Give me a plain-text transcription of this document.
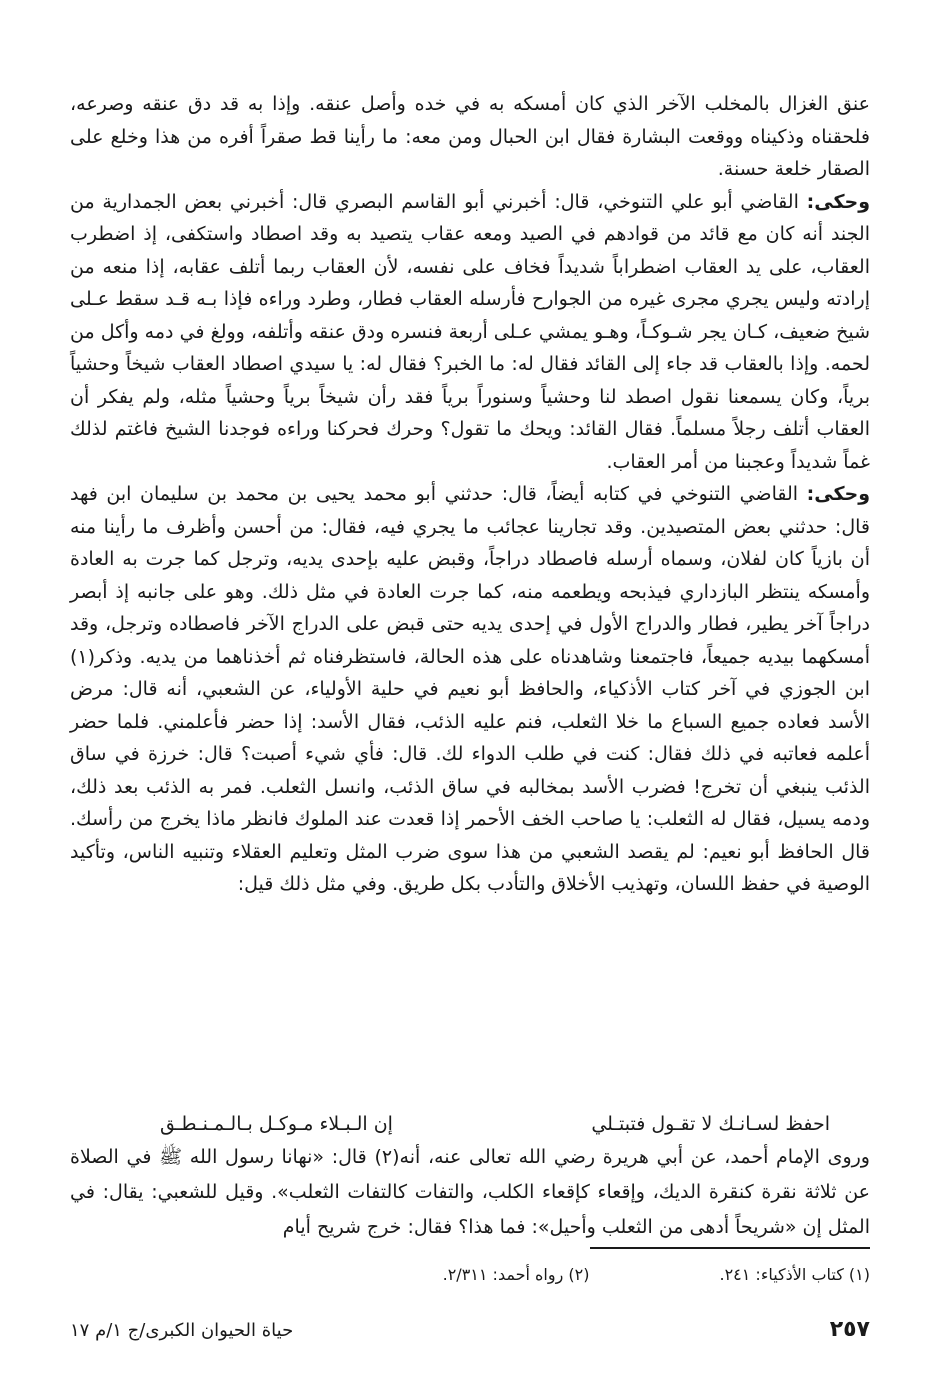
عنق الغزال بالمخلب الآخر الذي كان أمسكه به في خده وأصل عنقه. وإذا به قد دق عنقه وصرعه، فلحقناه وذكيناه ووقعت البشارة فقال ابن الحبال ومن معه: ما رأينا قط صقراً أفره من هذا وخلع على الصقار خلعة حسنة.

وحكى: القاضي أبو علي التنوخي، قال: أخبرني أبو القاسم البصري قال: أخبرني بعض الجمدارية من الجند أنه كان مع قائد من قوادهم في الصيد ومعه عقاب يتصيد به وقد اصطاد واستكفى، إذ اضطرب العقاب، على يد العقاب اضطراباً شديداً فخاف على نفسه، لأن العقاب ربما أتلف عقابه، إذا منعه من إرادته وليس يجري مجرى غيره من الجوارح فأرسله العقاب فطار، وطرد وراءه فإذا بـه قـد سقط عـلى شيخ ضعيف، كـان يجر شـوكـاً، وهـو يمشي عـلى أربعة فنسره ودق عنقه وأتلفه، وولغ في دمه وأكل من لحمه. وإذا بالعقاب قد جاء إلى القائد فقال له: ما الخبر؟ فقال له: يا سيدي اصطاد العقاب شيخاً وحشياً برياً، وكان يسمعنا نقول اصطد لنا وحشياً وسنوراً برياً فقد رأن شيخاً برياً وحشياً مثله، ولم يفكر أن العقاب أتلف رجلاً مسلماً. فقال القائد: ويحك ما تقول؟ وحرك فحركنا وراءه فوجدنا الشيخ فاغتم لذلك غماً شديداً وعجبنا من أمر العقاب.

وحكى: القاضي التنوخي في كتابه أيضاً، قال: حدثني أبو محمد يحيى بن محمد بن سليمان ابن فهد قال: حدثني بعض المتصيدين. وقد تجارينا عجائب ما يجري فيه، فقال: من أحسن وأظرف ما رأينا منه أن بازياً كان لفلان، وسماه أرسله فاصطاد دراجاً، وقبض عليه بإحدى يديه، وترجل كما جرت به العادة وأمسكه ينتظر البازداري فيذبحه ويطعمه منه، كما جرت العادة في مثل ذلك. وهو على جانبه إذ أبصر دراجاً آخر يطير، فطار والدراج الأول في إحدى يديه حتى قبض على الدراج الآخر فاصطاده وترجل، وقد أمسكهما بيديه جميعاً، فاجتمعنا وشاهدناه على هذه الحالة، فاستظرفناه ثم أخذناهما من يديه. وذكر(١) ابن الجوزي في آخر كتاب الأذكياء، والحافظ أبو نعيم في حلية الأولياء، عن الشعبي، أنه قال: مرض الأسد فعاده جميع السباع ما خلا الثعلب، فنم عليه الذئب، فقال الأسد: إذا حضر فأعلمني. فلما حضر أعلمه فعاتبه في ذلك فقال: كنت في طلب الدواء لك. قال: فأي شيء أصبت؟ قال: خرزة في ساق الذئب ينبغي أن تخرج! فضرب الأسد بمخالبه في ساق الذئب، وانسل الثعلب. فمر به الذئب بعد ذلك، ودمه يسيل، فقال له الثعلب: يا صاحب الخف الأحمر إذا قعدت عند الملوك فانظر ماذا يخرج من رأسك. قال الحافظ أبو نعيم: لم يقصد الشعبي من هذا سوى ضرب المثل وتعليم العقلاء وتنبيه الناس، وتأكيد الوصية في حفظ اللسان، وتهذيب الأخلاق والتأدب بكل طريق. وفي مثل ذلك قيل:

احفظ لسـانـك لا تقـول فتبتـلي
إن الـبـلاء مـوكـل بـالـمـنـطـق
وروى الإمام أحمد، عن أبي هريرة رضي الله تعالى عنه، أنه(٢) قال: «نهانا رسول الله ﷺ في الصلاة عن ثلاثة نقرة كنقرة الديك، وإقعاء كإقعاء الكلب، والتفات كالتفات الثعلب». وقيل للشعبي: يقال: في المثل إن «شريحاً أدهى من الثعلب وأحيل»: فما هذا؟ فقال: خرج شريح أيام
(١) كتاب الأذكياء: ٢٤١.
(٢) رواه أحمد: ٢/٣١١.
٢٥٧
حياة الحيوان الكبرى/ج ١/م ١٧
